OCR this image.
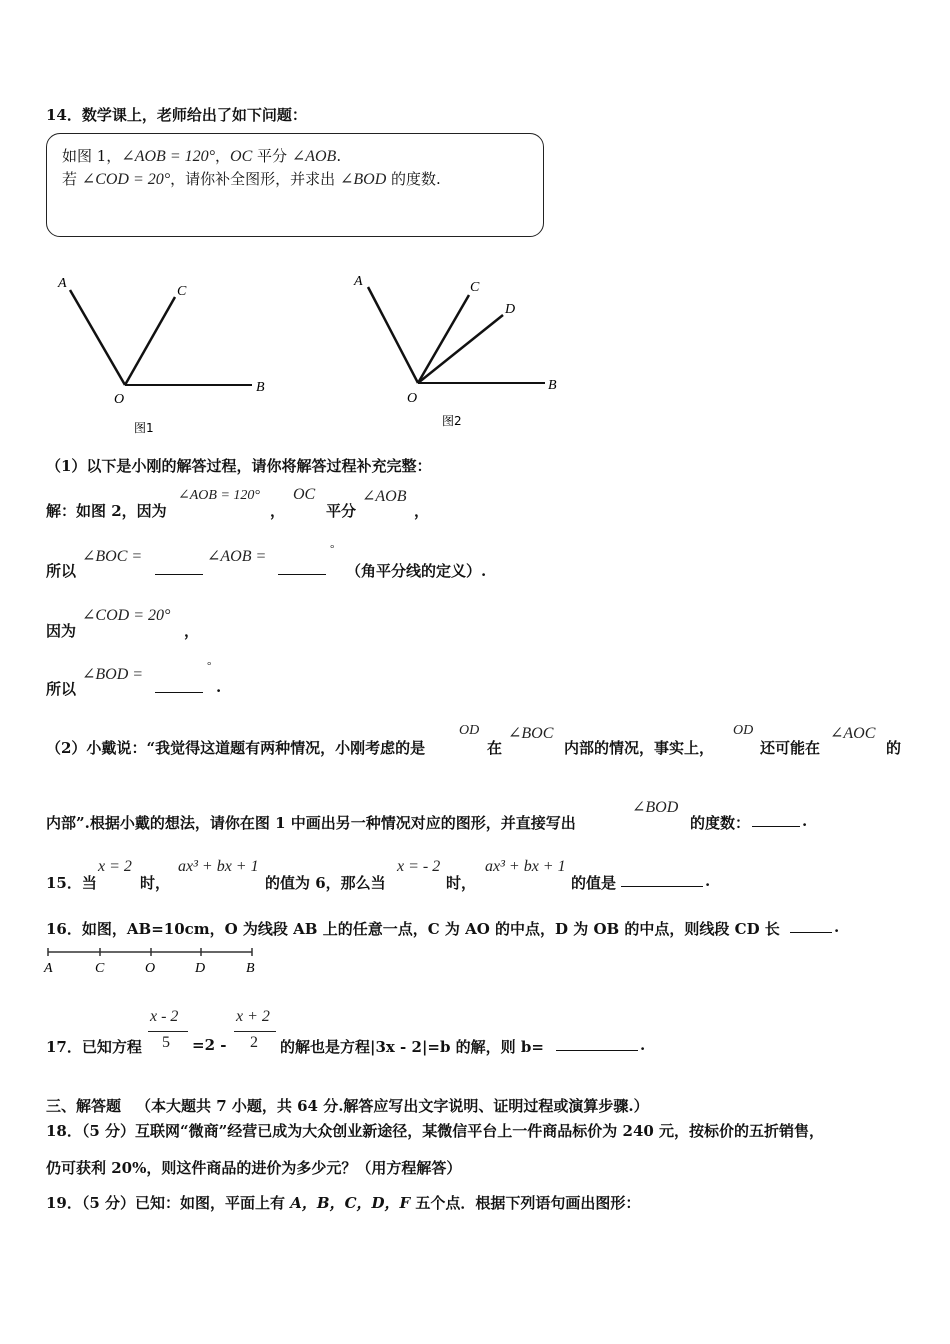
14．数学课上，老师给出了如下问题：
如图 1，∠AOB = 120°，OC 平分 ∠AOB.
若 ∠COD = 20°，请你补全图形，并求出 ∠BOD 的度数.
A
C
O
B
图1
A	C
D
O
B
图2
（1）以下是小刚的解答过程，请你将解答过程补充完整：
解：如图 2，因为
∠AOB = 120°
，
OC
平分
∠AOB
，
所以
∠BOC =	∠AOB =	°
（角平分线的定义）.
因为
∠COD = 20°
，
所以
∠BOD =	°
.
（2）小戴说：“我觉得这道题有两种情况，小刚考虑的是
OD
在
∠BOC
内部的情况，事实上，
OD
还可能在
∠AOC
的
内部”.根据小戴的想法，请你在图 1 中画出另一种情况对应的图形，并直接写出
∠BOD
的度数：	.
15．当
x = 2
时，
ax³ + bx + 1
的值为 6，那么当
x = - 2
时，
ax³ + bx + 1
的值是	.
16．如图，AB=10cm，O 为线段 AB 上的任意一点，C 为 AO 的中点，D 为 OB 的中点，则线段 CD 长	.
A	C	O	D	B
17．已知方程
x - 2
5 =2 -
x + 2
2 的解也是方程|3x - 2|=b 的解，则 b=	.
三、解答题 （本大题共 7 小题，共 64 分.解答应写出文字说明、证明过程或演算步骤.）
18．（5 分）互联网“微商”经营已成为大众创业新途径，某微信平台上一件商品标价为 240 元，按标价的五折销售，
仍可获利 20%，则这件商品的进价为多少元？（用方程解答）
19．（5 分）已知：如图，平面上有 A，B，C，D，F 五个点．根据下列语句画出图形：
